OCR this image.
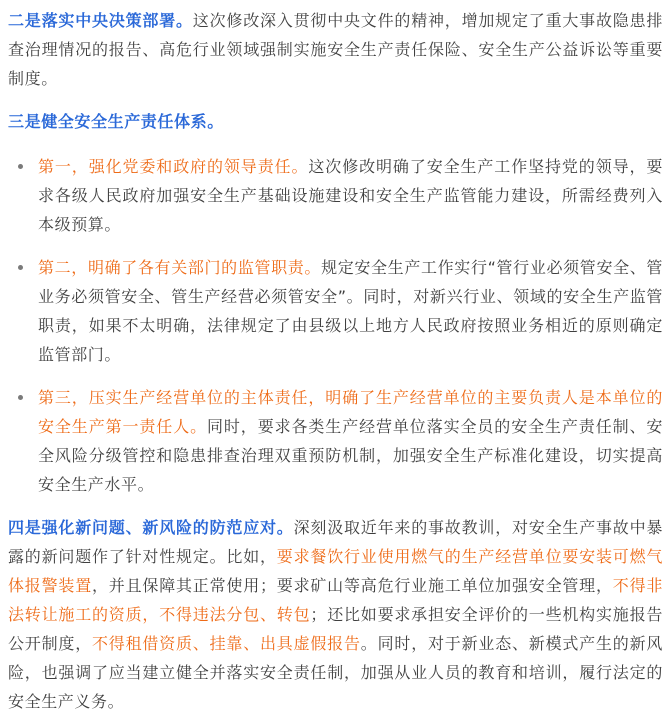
二是落实中央决策部署。这次修改深入贯彻中央文件的精神，增加规定了重大事故隐患排查治理情况的报告、高危行业领域强制实施安全生产责任保险、安全生产公益诉讼等重要制度。

三是健全安全生产责任体系。

第一，强化党委和政府的领导责任。这次修改明确了安全生产工作坚持党的领导，要求各级人民政府加强安全生产基础设施建设和安全生产监管能力建设，所需经费列入本级预算。

第二，明确了各有关部门的监管职责。规定安全生产工作实行“管行业必须管安全、管业务必须管安全、管生产经营必须管安全”。同时，对新兴行业、领域的安全生产监管职责，如果不太明确，法律规定了由县级以上地方人民政府按照业务相近的原则确定监管部门。

第三，压实生产经营单位的主体责任，明确了生产经营单位的主要负责人是本单位的安全生产第一责任人。同时，要求各类生产经营单位落实全员的安全生产责任制、安全风险分级管控和隐患排查治理双重预防机制，加强安全生产标准化建设，切实提高安全生产水平。

四是强化新问题、新风险的防范应对。深刻汲取近年来的事故教训，对安全生产事故中暴露的新问题作了针对性规定。比如，要求餐饮行业使用燃气的生产经营单位要安装可燃气体报警装置，并且保障其正常使用；要求矿山等高危行业施工单位加强安全管理，不得非法转让施工的资质，不得违法分包、转包；还比如要求承担安全评价的一些机构实施报告公开制度，不得租借资质、挂靠、出具虚假报告。同时，对于新业态、新模式产生的新风险，也强调了应当建立健全并落实安全责任制，加强从业人员的教育和培训，履行法定的安全生产义务。
